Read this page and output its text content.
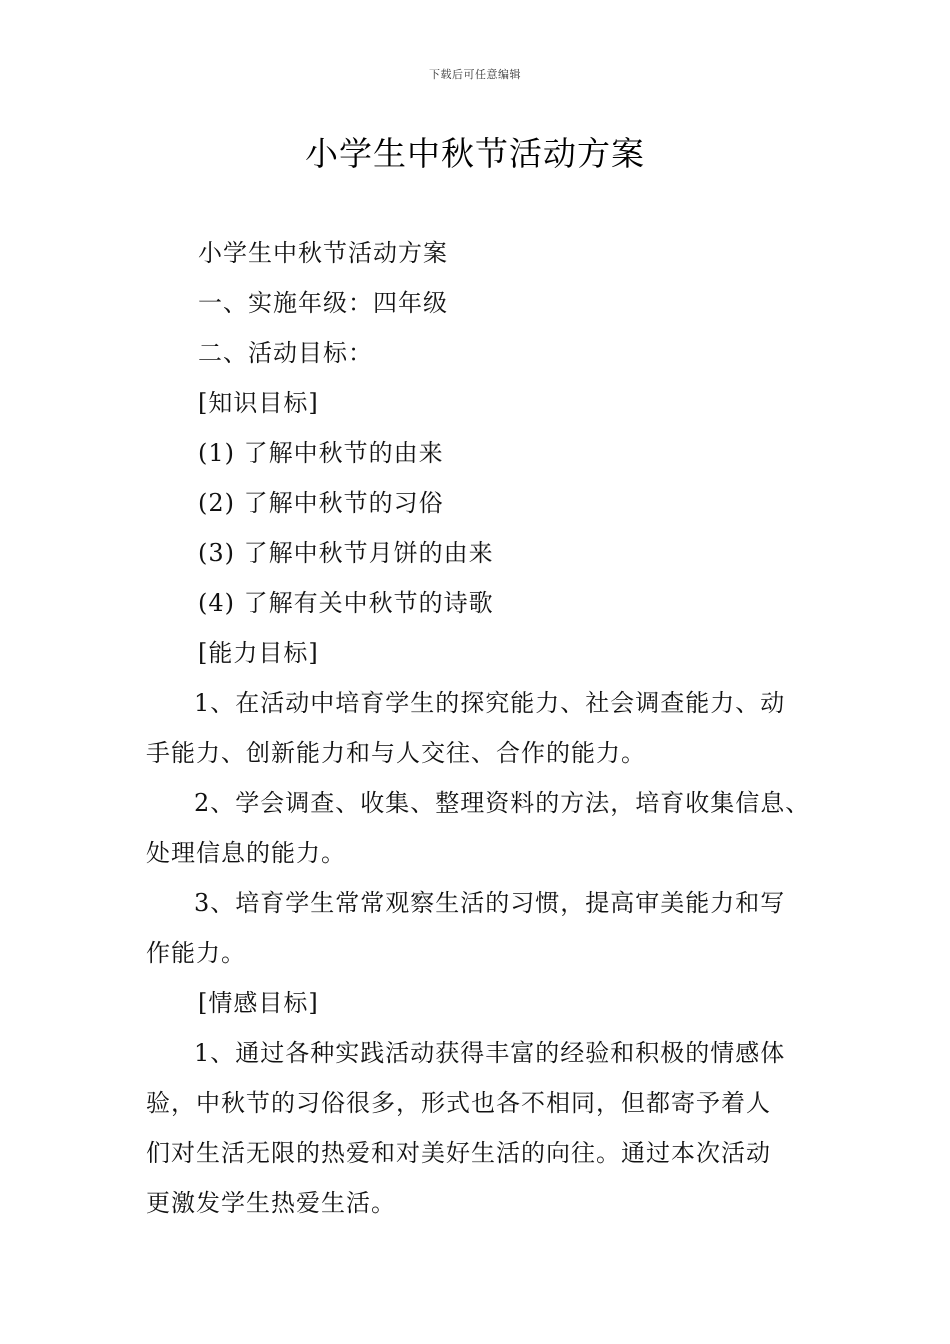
下载后可任意编辑
小学生中秋节活动方案
小学生中秋节活动方案
一、实施年级：四年级
二、活动目标：
[知识目标]
(1) 了解中秋节的由来
(2) 了解中秋节的习俗
(3) 了解中秋节月饼的由来
(4) 了解有关中秋节的诗歌
[能力目标]
1、在活动中培育学生的探究能力、社会调查能力、动
手能力、创新能力和与人交往、合作的能力。
2、学会调查、收集、整理资料的方法，培育收集信息、
处理信息的能力。
3、培育学生常常观察生活的习惯，提高审美能力和写
作能力。
[情感目标]
1、通过各种实践活动获得丰富的经验和积极的情感体
验，中秋节的习俗很多，形式也各不相同，但都寄予着人
们对生活无限的热爱和对美好生活的向往。通过本次活动
更激发学生热爱生活。
